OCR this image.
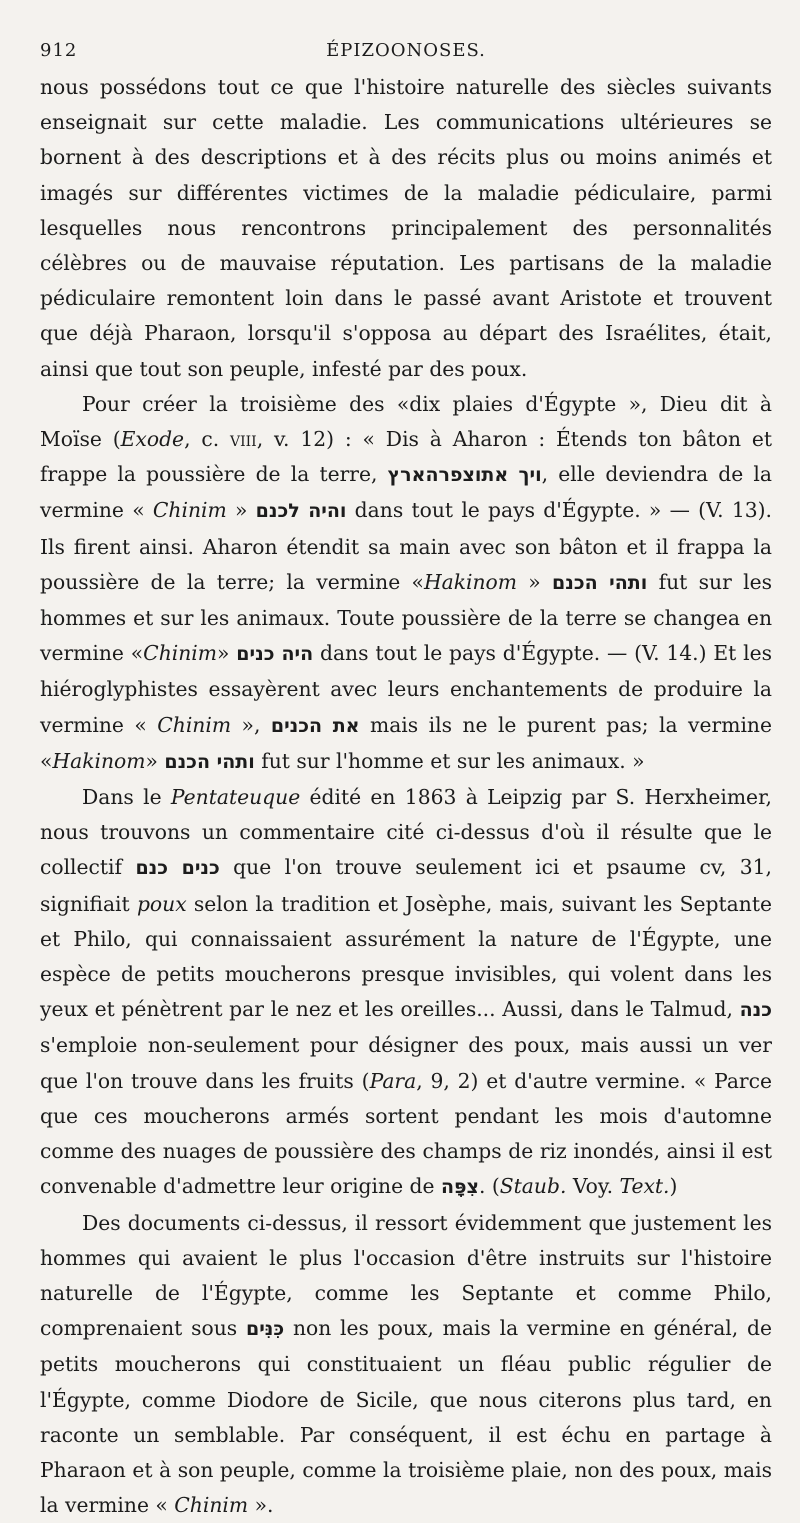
912	ÉPIZOONOSES.

nous possédons tout ce que l'histoire naturelle des siècles suivants enseignait sur cette maladie. Les communications ultérieures se bornent à des descriptions et à des récits plus ou moins animés et imagés sur différentes victimes de la maladie pédiculaire, parmi lesquelles nous rencontrons principalement des personnalités célèbres ou de mauvaise réputation. Les partisans de la maladie pédiculaire remontent loin dans le passé avant Aristote et trouvent que déjà Pharaon, lorsqu'il s'opposa au départ des Israélites, était, ainsi que tout son peuple, infesté par des poux.

Pour créer la troisième des «dix plaies d'Égypte », Dieu dit à Moïse (Exode, c. viii, v. 12) : « Dis à Aharon : Étends ton bâton et frappe la poussière de la terre, ויך אתוצפרהארץ, elle deviendra de la vermine « Chinim » והיה לכנם dans tout le pays d'Égypte. » — (V. 13). Ils firent ainsi. Aharon étendit sa main avec son bâton et il frappa la poussière de la terre; la vermine «Hakinom » ותהי הכנם fut sur les hommes et sur les animaux. Toute poussière de la terre se changea en vermine «Chinim» היה כנים dans tout le pays d'Égypte. — (V. 14.) Et les hiéroglyphistes essayèrent avec leurs enchantements de produire la vermine « Chinim », את הכנים mais ils ne le purent pas; la vermine «Hakinom» ותהי הכנם fut sur l'homme et sur les animaux. »

Dans le Pentateuque édité en 1863 à Leipzig par S. Herxheimer, nous trouvons un commentaire cité ci-dessus d'où il résulte que le collectif כנים כנם que l'on trouve seulement ici et psaume cv, 31, signifiait poux selon la tradition et Josèphe, mais, suivant les Septante et Philo, qui connaissaient assurément la nature de l'Égypte, une espèce de petits moucherons presque invisibles, qui volent dans les yeux et pénètrent par le nez et les oreilles... Aussi, dans le Talmud, כנה s'emploie non-seulement pour désigner des poux, mais aussi un ver que l'on trouve dans les fruits (Para, 9, 2) et d'autre vermine. « Parce que ces moucherons armés sortent pendant les mois d'automne comme des nuages de poussière des champs de riz inondés, ainsi il est convenable d'admettre leur origine de צִפָּה. (Staub. Voy. Text.)

Des documents ci-dessus, il ressort évidemment que justement les hommes qui avaient le plus l'occasion d'être instruits sur l'histoire naturelle de l'Égypte, comme les Septante et comme Philo, comprenaient sous כִּנִּים non les poux, mais la vermine en général, de petits moucherons qui constituaient un fléau public régulier de l'Égypte, comme Diodore de Sicile, que nous citerons plus tard, en raconte un semblable. Par conséquent, il est échu en partage à Pharaon et à son peuple, comme la troisième plaie, non des poux, mais la vermine « Chinim ».
